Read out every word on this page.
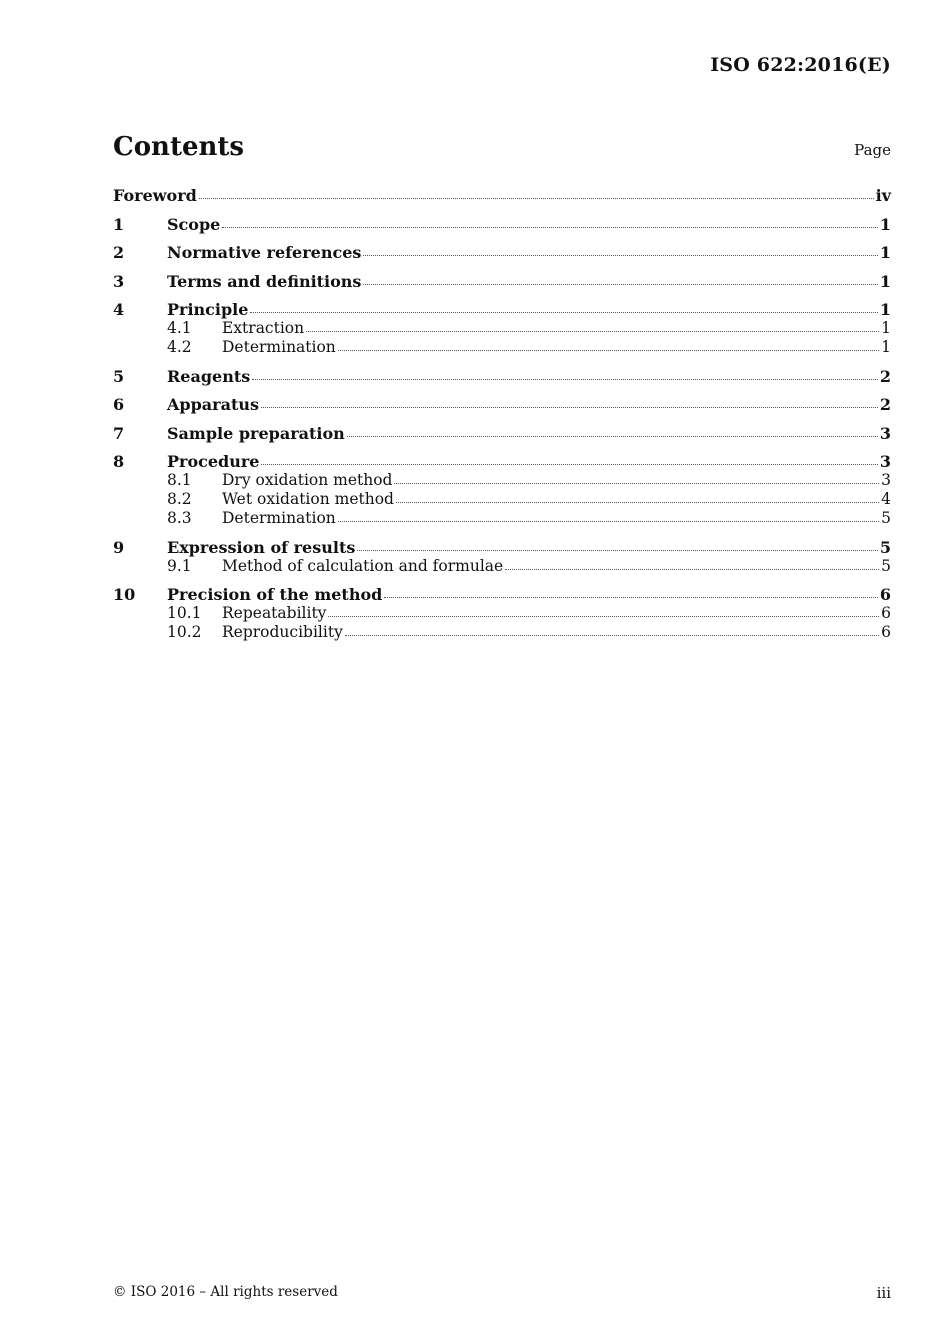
ISO 622:2016(E)
Contents	Page
Foreword	iv
1	Scope	1
2	Normative references	1
3	Terms and definitions	1
4	Principle	1
4.1 Extraction	1
4.2 Determination	1
5	Reagents	2
6	Apparatus	2
7	Sample preparation	3
8	Procedure	3
8.1 Dry oxidation method	3
8.2 Wet oxidation method	4
8.3 Determination	5
9	Expression of results	5
9.1 Method of calculation and formulae	5
10 Precision of the method	6
10.1 Repeatability	6
10.2 Reproducibility	6
© ISO 2016 – All rights reserved	iii
